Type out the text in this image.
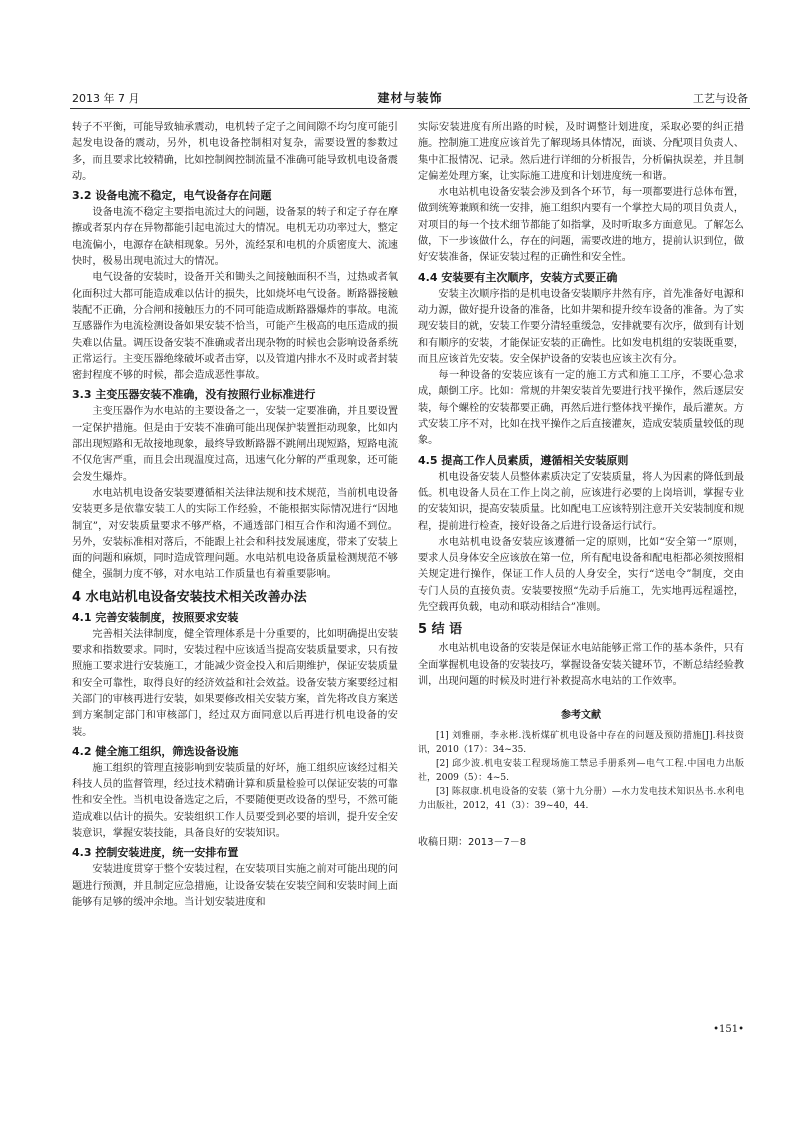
2013 年 7 月	建材与装饰	工艺与设备

转子不平衡，可能导致轴承震动，电机转子定子之间间隙不均匀度可能引起发电设备的震动，另外，机电设备控制相对复杂，需要设置的参数过多，而且要求比较精确，比如控制阀控制流量不准确可能导致机电设备震动。

3.2 设备电流不稳定，电气设备存在问题

设备电流不稳定主要指电流过大的问题，设备泵的转子和定子存在摩擦或者泵内存在异物都能引起电流过大的情况。电机无功功率过大，整定电流偏小，电源存在缺相现象。另外，流经泵和电机的介质密度大、流速快时，极易出现电流过大的情况。

电气设备的安装时，设备开关和锄头之间接触面积不当，过热或者氧化面积过大都可能造成难以估计的损失，比如烧坏电气设备。断路器接触装配不正确，分合闸和接触压力的不同可能造成断路器爆炸的事故。电流互感器作为电流检测设备如果安装不恰当，可能产生极高的电压造成的损失难以估量。调压设备安装不准确或者出现杂物的时候也会影响设备系统正常运行。主变压器绝缘破坏或者击穿，以及管道内排水不及时或者封装密封程度不够的时候，都会造成恶性事故。

3.3 主变压器安装不准确，没有按照行业标准进行

主变压器作为水电站的主要设备之一，安装一定要准确，并且要设置一定保护措施。但是由于安装不准确可能出现保护装置拒动现象，比如内部出现短路和无故接地现象，最终导致断路器不跳闸出现短路，短路电流不仅危害严重，而且会出现温度过高，迅速气化分解的严重现象，还可能会发生爆炸。

水电站机电设备安装要遵循相关法律法规和技术规范，当前机电设备安装更多是依靠安装工人的实际工作经验，不能根据实际情况进行“因地制宜”，对安装质量要求不够严格，不通透部门相互合作和沟通不到位。另外，安装标准相对落后，不能跟上社会和科技发展速度，带来了安装上面的问题和麻烦，同时造成管理问题。水电站机电设备质量检测规范不够健全，强制力度不够，对水电站工作质量也有着重要影响。

4 水电站机电设备安装技术相关改善办法
4.1 完善安装制度，按照要求安装

完善相关法律制度，健全管理体系是十分重要的，比如明确提出安装要求和指数要求。同时，安装过程中应该适当提高安装质量要求，只有按照施工要求进行安装施工，才能减少资金投入和后期维护，保证安装质量和安全可靠性，取得良好的经济效益和社会效益。设备安装方案要经过相关部门的审核再进行安装，如果要修改相关安装方案，首先将改良方案送到方案制定部门和审核部门，经过双方面同意以后再进行机电设备的安装。

4.2 健全施工组织，筛选设备设施

施工组织的管理直接影响到安装质量的好坏，施工组织应该经过相关科技人员的监督管理，经过技术精确计算和质量检验可以保证安装的可靠性和安全性。当机电设备选定之后，不要随便更改设备的型号，不然可能造成难以估计的损失。安装组织工作人员要受到必要的培训，提升安全安装意识，掌握安装技能，具备良好的安装知识。

4.3 控制安装进度，统一安排布置

安装进度贯穿于整个安装过程，在安装项目实施之前对可能出现的问题进行预测，并且制定应急措施，让设备安装在安装空间和安装时间上面能够有足够的缓冲余地。当计划安装进度和

实际安装进度有所出路的时候，及时调整计划进度，采取必要的纠正措施。控制施工进度应该首先了解现场具体情况，面谈、分配项目负责人、集中汇报情况、记录。然后进行详细的分析报告，分析偏执误差，并且制定偏差处理方案，让实际施工进度和计划进度统一和谐。

水电站机电设备安装会涉及到各个环节，每一项都要进行总体布置，做到统筹兼顾和统一安排，施工组织内要有一个掌控大局的项目负责人，对项目的每一个技术细节都能了如指掌，及时听取多方面意见。了解怎么做，下一步该做什么，存在的问题，需要改进的地方，提前认识到位，做好安装准备，保证安装过程的正确性和安全性。

4.4 安装要有主次顺序，安装方式要正确

安装主次顺序指的是机电设备安装顺序井然有序，首先准备好电源和动力源，做好提升设备的准备，比如井架和提升绞车设备的准备。为了实现安装目的就，安装工作要分清轻重缓急，安排就要有次序，做到有计划和有顺序的安装，才能保证安装的正确性。比如发电机组的安装既重要，而且应该首先安装。安全保护设备的安装也应该主次有分。

每一种设备的安装应该有一定的施工方式和施工工序，不要心急求成，颠倒工序。比如：常规的井架安装首先要进行找平操作，然后逐层安装，每个螺栓的安装都要正确，再然后进行整体找平操作，最后灌灰。方式安装工序不对，比如在找平操作之后直接灌灰，造成安装质量较低的现象。

4.5 提高工作人员素质，遵循相关安装原则

机电设备安装人员整体素质决定了安装质量，将人为因素的降低到最低。机电设备人员在工作上岗之前，应该进行必要的上岗培训，掌握专业的安装知识，提高安装质量。比如配电工应该特别注意开关安装制度和规程，提前进行检查，接好设备之后进行设备运行试行。

水电站机电设备安装应该遵循一定的原则，比如“安全第一”原则，要求人员身体安全应该放在第一位，所有配电设备和配电柜都必须按照相关规定进行操作，保证工作人员的人身安全，实行“送电令”制度，交由专门人员的直接负责。安装要按照“先动手后施工，先实地再远程遥控，先空载再负载，电动和联动相结合”准则。

5 结 语

水电站机电设备的安装是保证水电站能够正常工作的基本条件，只有全面掌握机电设备的安装技巧，掌握设备安装关键环节，不断总结经验教训，出现问题的时候及时进行补救提高水电站的工作效率。

参考文献

[1] 刘雅丽，李永彬.浅析煤矿机电设备中存在的问题及预防措施[J].科技资讯，2010（17）：34~35.

[2] 邱少波.机电安装工程现场施工禁忌手册系列—电气工程.中国电力出版社，2009（5）：4~5.

[3] 陈叔康.机电设备的安装（第十九分册）—水力发电技术知识丛书.水利电力出版社，2012，41（3）：39~40，44.

收稿日期：2013－7－8
•151•
